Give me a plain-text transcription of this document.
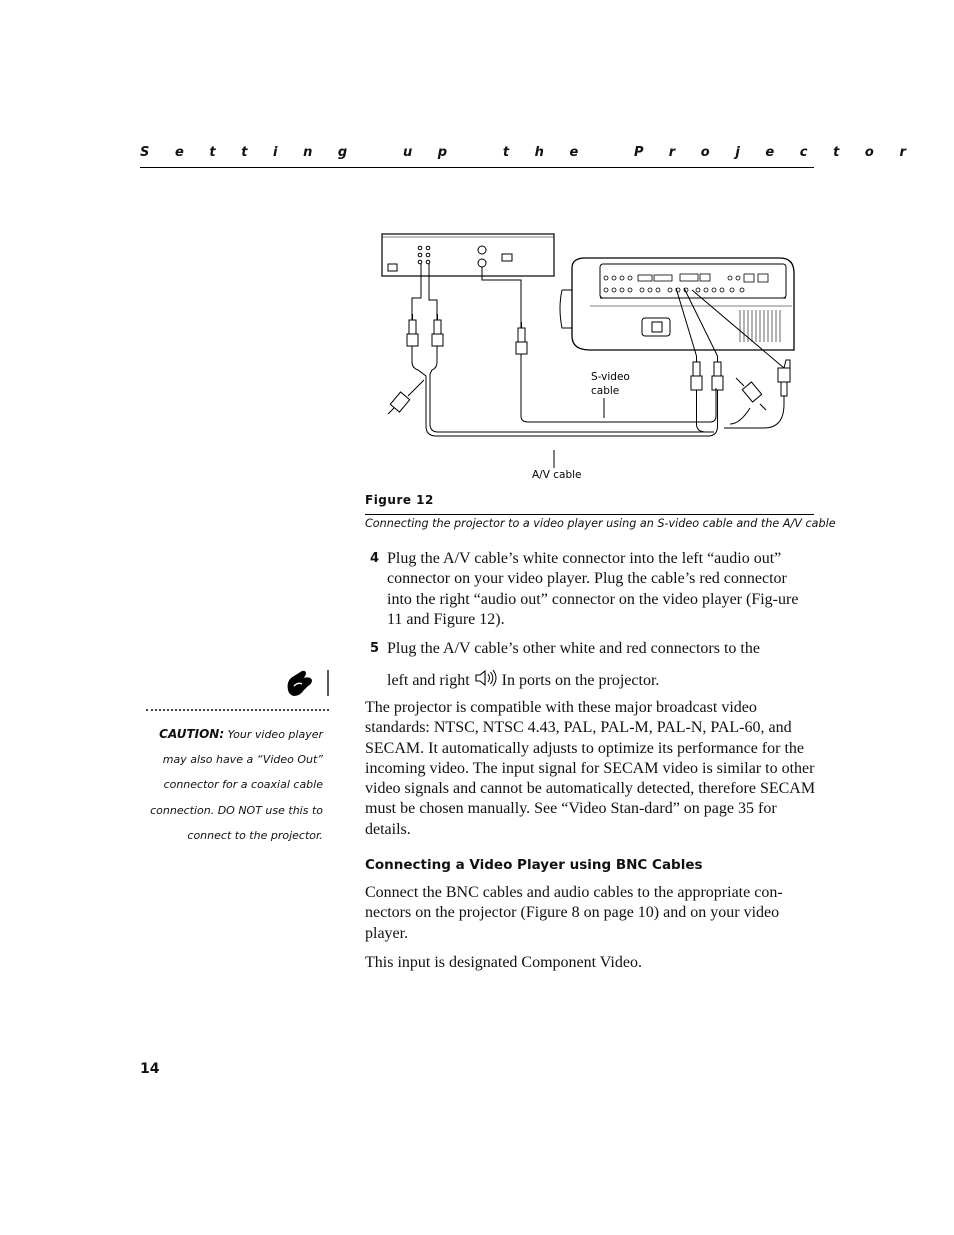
Setting up the Projector
S-video
cable
A/V cable
Figure 12
Connecting the projector to a video player using an S-video cable and the A/V cable
4 Plug the A/V cable’s white connector into the left “audio out” connector on your video player. Plug the cable’s red connector into the right “audio out” connector on the video player (Fig-ure 11 and Figure 12).
5 Plug the A/V cable’s other white and red connectors to the
left and right In ports on the projector.
CAUTION: Your video player may also have a “Video Out” connector for a coaxial cable connection. DO NOT use this to connect to the projector.
The projector is compatible with these major broadcast video standards: NTSC, NTSC 4.43, PAL, PAL-M, PAL-N, PAL-60, and SECAM. It automatically adjusts to optimize its performance for the incoming video. The input signal for SECAM video is similar to other video signals and cannot be automatically detected, therefore SECAM must be chosen manually. See “Video Stan-dard” on page 35 for details.
Connecting a Video Player using BNC Cables
Connect the BNC cables and audio cables to the appropriate con-nectors on the projector (Figure 8 on page 10) and on your video player.
This input is designated Component Video.
14
